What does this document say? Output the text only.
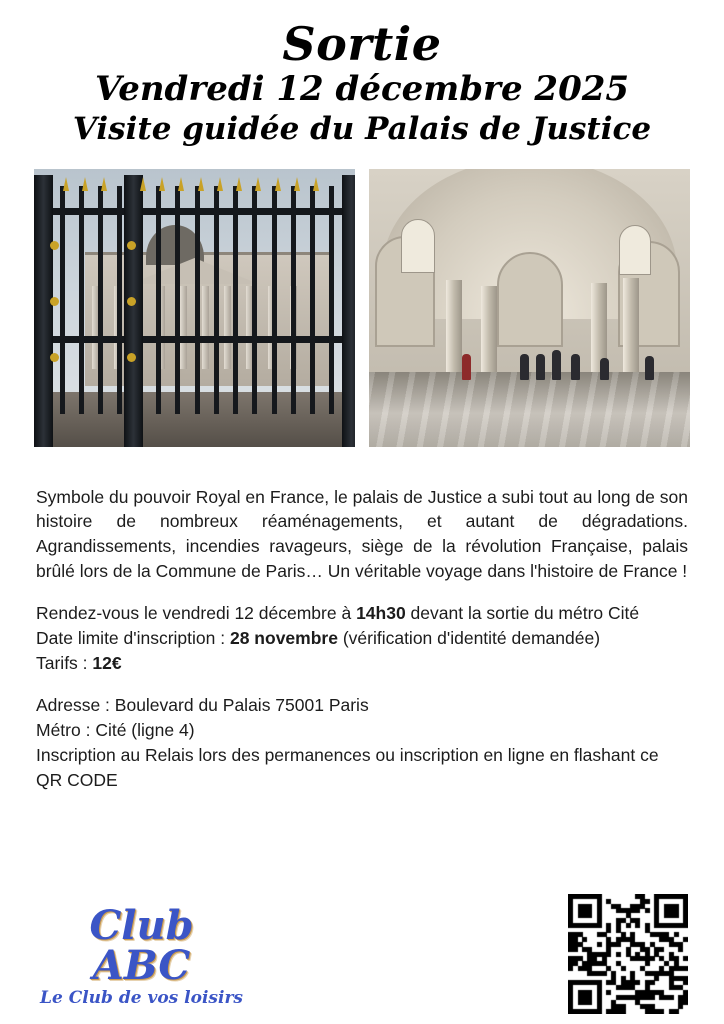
Sortie
Vendredi 12 décembre 2025
Visite guidée du Palais de Justice

Symbole du pouvoir Royal en France, le palais de Justice a subi tout au long de son histoire de nombreux réaménagements, et autant de dégradations. Agrandissements, incendies ravageurs, siège de la révolution Française, palais brûlé lors de la Commune de Paris… Un véritable voyage dans l'histoire de France !

Rendez-vous le vendredi 12 décembre à 14h30 devant la sortie du métro Cité

Date limite d'inscription : 28 novembre (vérification d'identité demandée)

Tarifs : 12€

Adresse : Boulevard du Palais 75001 Paris

Métro : Cité (ligne 4)

Inscription au Relais lors des permanences ou inscription en ligne en flashant ce QR CODE

Club ABC
Le Club de vos loisirs
